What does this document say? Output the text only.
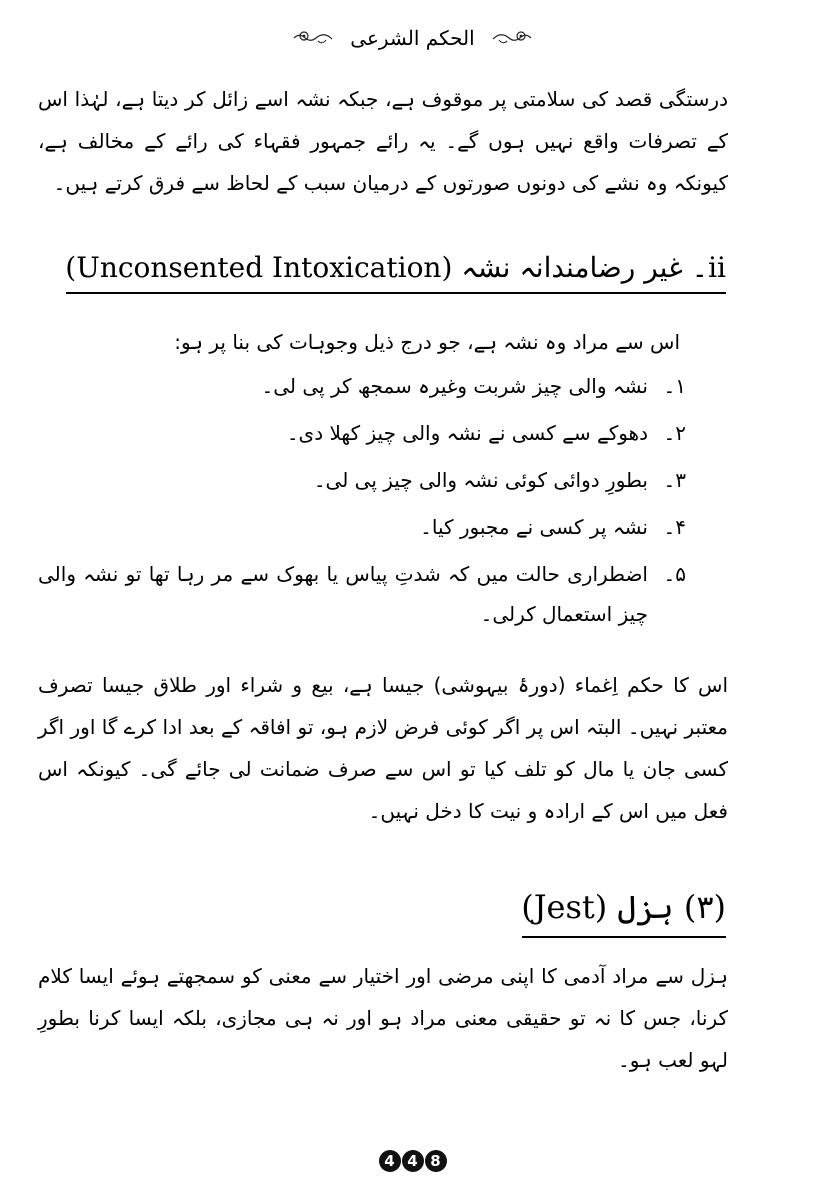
الحکم الشرعی

درستگی قصد کی سلامتی پر موقوف ہے، جبکہ نشہ اسے زائل کر دیتا ہے، لہٰذا اس کے تصرفات واقع نہیں ہوں گے۔ یہ رائے جمہور فقہاء کی رائے کے مخالف ہے، کیونکہ وہ نشے کی دونوں صورتوں کے درمیان سبب کے لحاظ سے فرق کرتے ہیں۔

ii۔ غیر رضامندانہ نشہ (Unconsented Intoxication)
اس سے مراد وہ نشہ ہے، جو درج ذیل وجوہات کی بنا پر ہو:
۱۔
نشہ والی چیز شربت وغیرہ سمجھ کر پی لی۔
۲۔
دھوکے سے کسی نے نشہ والی چیز کھلا دی۔
۳۔
بطورِ دوائی کوئی نشہ والی چیز پی لی۔
۴۔
نشہ پر کسی نے مجبور کیا۔
۵۔
اضطراری حالت میں کہ شدتِ پیاس یا بھوک سے مر رہا تھا تو نشہ والی چیز استعمال کرلی۔

اس کا حکم اِغماء (دورۂ بیہوشی) جیسا ہے، بیع و شراء اور طلاق جیسا تصرف معتبر نہیں۔ البتہ اس پر اگر کوئی فرض لازم ہو، تو افاقہ کے بعد ادا کرے گا اور اگر کسی جان یا مال کو تلف کیا تو اس سے صرف ضمانت لی جائے گی۔ کیونکہ اس فعل میں اس کے ارادہ و نیت کا دخل نہیں۔

(۳) ہزل (Jest)

ہزل سے مراد آدمی کا اپنی مرضی اور اختیار سے معنی کو سمجھتے ہوئے ایسا کلام کرنا، جس کا نہ تو حقیقی معنی مراد ہو اور نہ ہی مجازی، بلکہ ایسا کرنا بطورِ لہو لعب ہو۔

4 4 8
